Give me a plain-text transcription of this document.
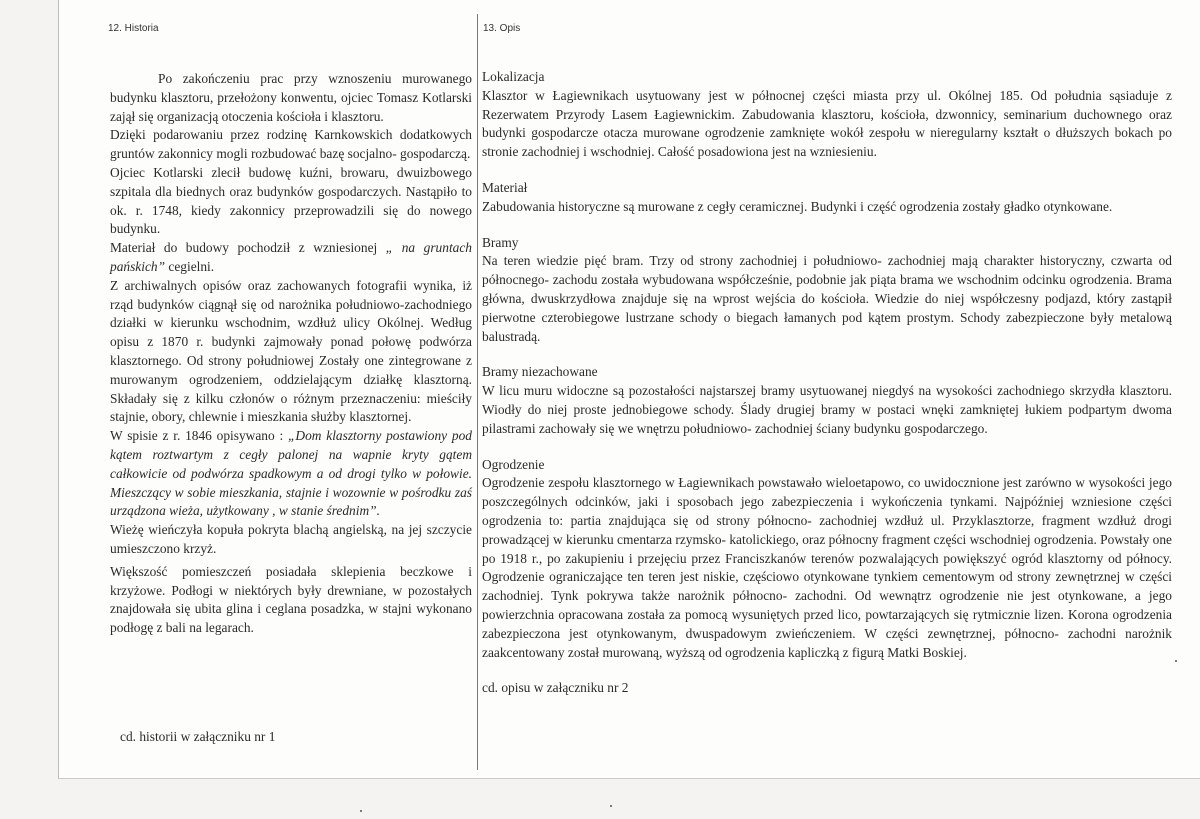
12. Historia	13. Opis

Po zakończeniu prac przy wznoszeniu murowanego budynku klasztoru, przełożony konwentu, ojciec Tomasz Kotlarski zajął się organizacją otoczenia kościoła i klasztoru.

Dzięki podarowaniu przez rodzinę Karnkowskich dodatkowych gruntów zakonnicy mogli rozbudować bazę socjalno- gospodarczą.

Ojciec Kotlarski zlecił budowę kuźni, browaru, dwuizbowego szpitala dla biednych oraz budynków gospodarczych. Nastąpiło to ok. r. 1748, kiedy zakonnicy przeprowadzili się do nowego budynku.

Materiał do budowy pochodził z wzniesionej „ na gruntach pańskich” cegielni.

Z archiwalnych opisów oraz zachowanych fotografii wynika, iż rząd budynków ciągnął się od narożnika południowo-zachodniego działki w kierunku wschodnim, wzdłuż ulicy Okólnej. Według opisu z 1870 r. budynki zajmowały ponad połowę podwórza klasztornego. Od strony południowej Zostały one zintegrowane z murowanym ogrodzeniem, oddzielającym działkę klasztorną. Składały się z kilku członów o różnym przeznaczeniu: mieściły stajnie, obory, chlewnie i mieszkania służby klasztornej.

W spisie z r. 1846 opisywano : „Dom klasztorny postawiony pod kątem roztwartym z cegły palonej na wapnie kryty gątem całkowicie od podwórza spadkowym a od drogi tylko w połowie. Mieszczący w sobie mieszkania, stajnie i wozownie w pośrodku zaś urządzona wieża, użytkowany , w stanie średnim”.

Wieżę wieńczyła kopuła pokryta blachą angielską, na jej szczycie umieszczono krzyż.

Większość pomieszczeń posiadała sklepienia beczkowe i krzyżowe. Podłogi w niektórych były drewniane, w pozostałych znajdowała się ubita glina i ceglana posadzka, w stajni wykonano podłogę z bali na legarach.

cd. historii w załączniku nr 1

Lokalizacja

Klasztor w Łagiewnikach usytuowany jest w północnej części miasta przy ul. Okólnej 185. Od południa sąsiaduje z Rezerwatem Przyrody Lasem Łagiewnickim. Zabudowania klasztoru, kościoła, dzwonnicy, seminarium duchownego oraz budynki gospodarcze otacza murowane ogrodzenie zamknięte wokół zespołu w nieregularny kształt o dłuższych bokach po stronie zachodniej i wschodniej. Całość posadowiona jest na wzniesieniu.

Materiał

Zabudowania historyczne są murowane z cegły ceramicznej. Budynki i część ogrodzenia zostały gładko otynkowane.

Bramy

Na teren wiedzie pięć bram. Trzy od strony zachodniej i południowo- zachodniej mają charakter historyczny, czwarta od północnego- zachodu została wybudowana współcześnie, podobnie jak piąta brama we wschodnim odcinku ogrodzenia. Brama główna, dwuskrzydłowa znajduje się na wprost wejścia do kościoła. Wiedzie do niej współczesny podjazd, który zastąpił pierwotne czterobiegowe lustrzane schody o biegach łamanych pod kątem prostym. Schody zabezpieczone były metalową balustradą.

Bramy niezachowane

W licu muru widoczne są pozostałości najstarszej bramy usytuowanej niegdyś na wysokości zachodniego skrzydła klasztoru. Wiodły do niej proste jednobiegowe schody. Ślady drugiej bramy w postaci wnęki zamkniętej łukiem podpartym dwoma pilastrami zachowały się we wnętrzu południowo- zachodniej ściany budynku gospodarczego.

Ogrodzenie

Ogrodzenie zespołu klasztornego w Łagiewnikach powstawało wieloetapowo, co uwidocznione jest zarówno w wysokości jego poszczególnych odcinków, jaki i sposobach jego zabezpieczenia i wykończenia tynkami. Najpóźniej wzniesione części ogrodzenia to: partia znajdująca się od strony północno- zachodniej wzdłuż ul. Przyklasztorze, fragment wzdłuż drogi prowadzącej w kierunku cmentarza rzymsko- katolickiego, oraz północny fragment części wschodniej ogrodzenia. Powstały one po 1918 r., po zakupieniu i przejęciu przez Franciszkanów terenów pozwalających powiększyć ogród klasztorny od północy. Ogrodzenie ograniczające ten teren jest niskie, częściowo otynkowane tynkiem cementowym od strony zewnętrznej w części zachodniej. Tynk pokrywa także narożnik północno- zachodni. Od wewnątrz ogrodzenie nie jest otynkowane, a jego powierzchnia opracowana została za pomocą wysuniętych przed lico, powtarzających się rytmicznie lizen. Korona ogrodzenia zabezpieczona jest otynkowanym, dwuspadowym zwieńczeniem. W części zewnętrznej, północno- zachodni narożnik zaakcentowany został murowaną, wyższą od ogrodzenia kapliczką z figurą Matki Boskiej.

cd. opisu w załączniku nr 2
